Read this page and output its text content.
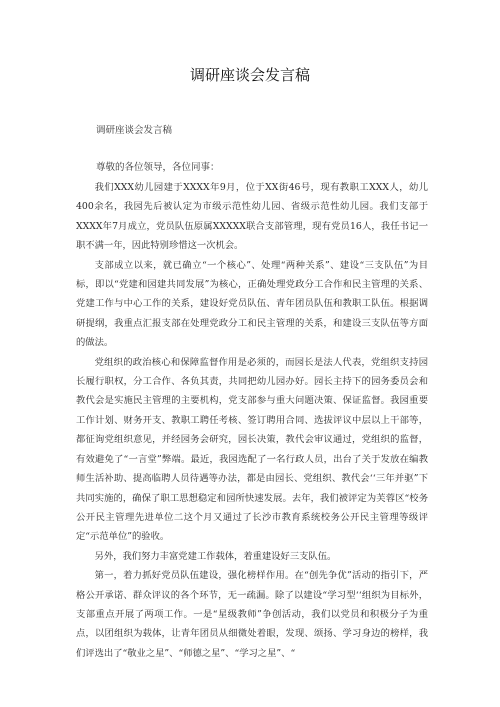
调研座谈会发言稿
调研座谈会发言稿
尊敬的各位领导，各位同事：

我们XXX幼儿园建于XXXX年9月，位于XX街46号，现有教职工XXX人，幼儿400余名，我园先后被认定为市级示范性幼儿园、省级示范性幼儿园。我们支部于XXXX年7月成立，党员队伍原属XXXXX联合支部管理，现有党员16人，我任书记一职不满一年，因此特别珍惜这一次机会。

支部成立以来，就已确立“一个核心”、处理“两种关系”、建设“三支队伍”为目标，即以“党建和园建共同发展”为核心，正确处理党政分工合作和民主管理的关系、党建工作与中心工作的关系，建设好党员队伍、青年团员队伍和教职工队伍。根据调研提纲，我重点汇报支部在处理党政分工和民主管理的关系，和建设三支队伍等方面的做法。

党组织的政治核心和保障监督作用是必须的，而园长是法人代表，党组织支持园长履行职权，分工合作、各负其责，共同把幼儿园办好。园长主持下的园务委员会和教代会是实施民主管理的主要机构，党支部参与重大问题决策、保证监督。我园重要工作计划、财务开支、教职工聘任考核、签订聘用合同、选拔评议中层以上干部等，都征询党组织意见，并经园务会研究，园长决策，教代会审议通过，党组织的监督，有效避免了“一言堂”弊端。最近，我园选配了一名行政人员，出台了关于发放在编教师生活补助、提高临聘人员待遇等办法，都是由园长、党组织、教代会‘‘三年并驱”下共同实施的，确保了职工思想稳定和园所快速发展。去年，我们被评定为芙蓉区“校务公开民主管理先进单位二这个月又通过了长沙市教育系统校务公开民主管理等级评定“示范单位”的验收。

另外，我们努力丰富党建工作载体，着重建设好三支队伍。

第一，着力抓好党员队伍建设，强化榜样作用。在“创先争优”活动的指引下，严格公开承诺、群众评议的各个环节，无一疏漏。除了以建设“学习型‘‘组织为目标外，支部重点开展了两项工作。一是“星级教师”争创活动，我们以党员和积极分子为重点，以团组织为载体，让青年团员从细微处着眼，发现、颂扬、学习身边的榜样，我们评选出了“敬业之星”、“师德之星”、“学习之星”、“
